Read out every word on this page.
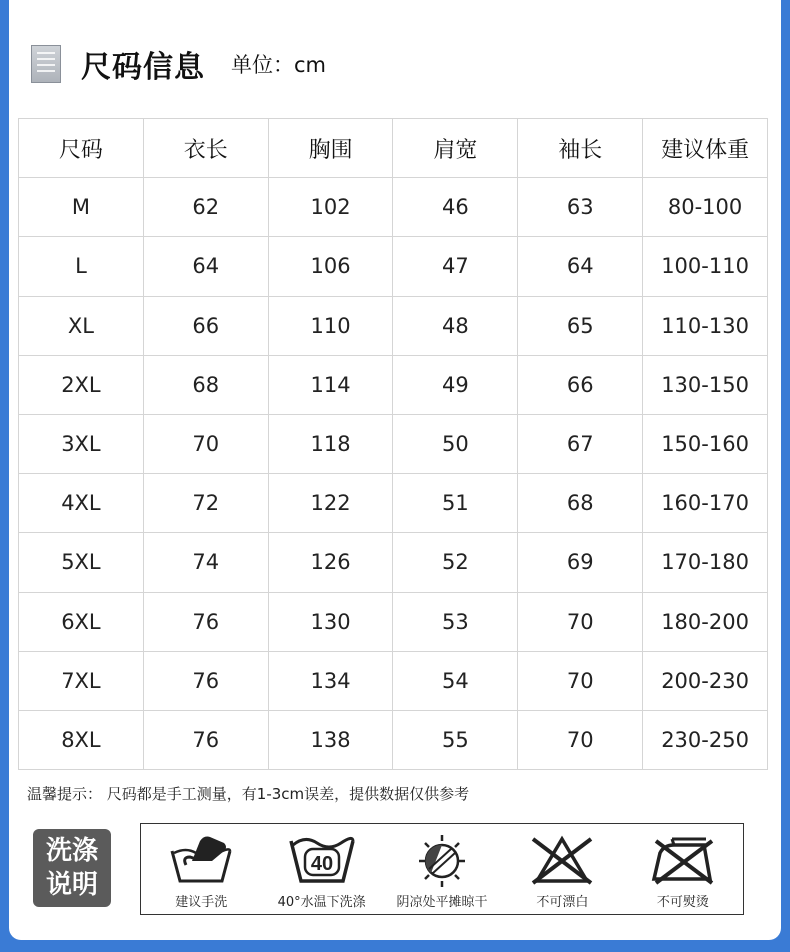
尺码信息 单位：cm
尺码	衣长	胸围	肩宽	袖长	建议体重
M	62	102	46	63	80-100
L	64	106	47	64	100-110
XL	66	110	48	65	110-130
2XL	68	114	49	66	130-150
3XL	70	118	50	67	150-160
4XL	72	122	51	68	160-170
5XL	74	126	52	69	170-180
6XL	76	130	53	70	180-200
7XL	76	134	54	70	200-230
8XL	76	138	55	70	230-250
温馨提示： 尺码都是手工测量，有1-3cm误差，提供数据仅供参考
洗涤
说明
建议手洗
40
40°水温下洗涤 阴凉处平摊晾干	不可漂白	不可熨烫
